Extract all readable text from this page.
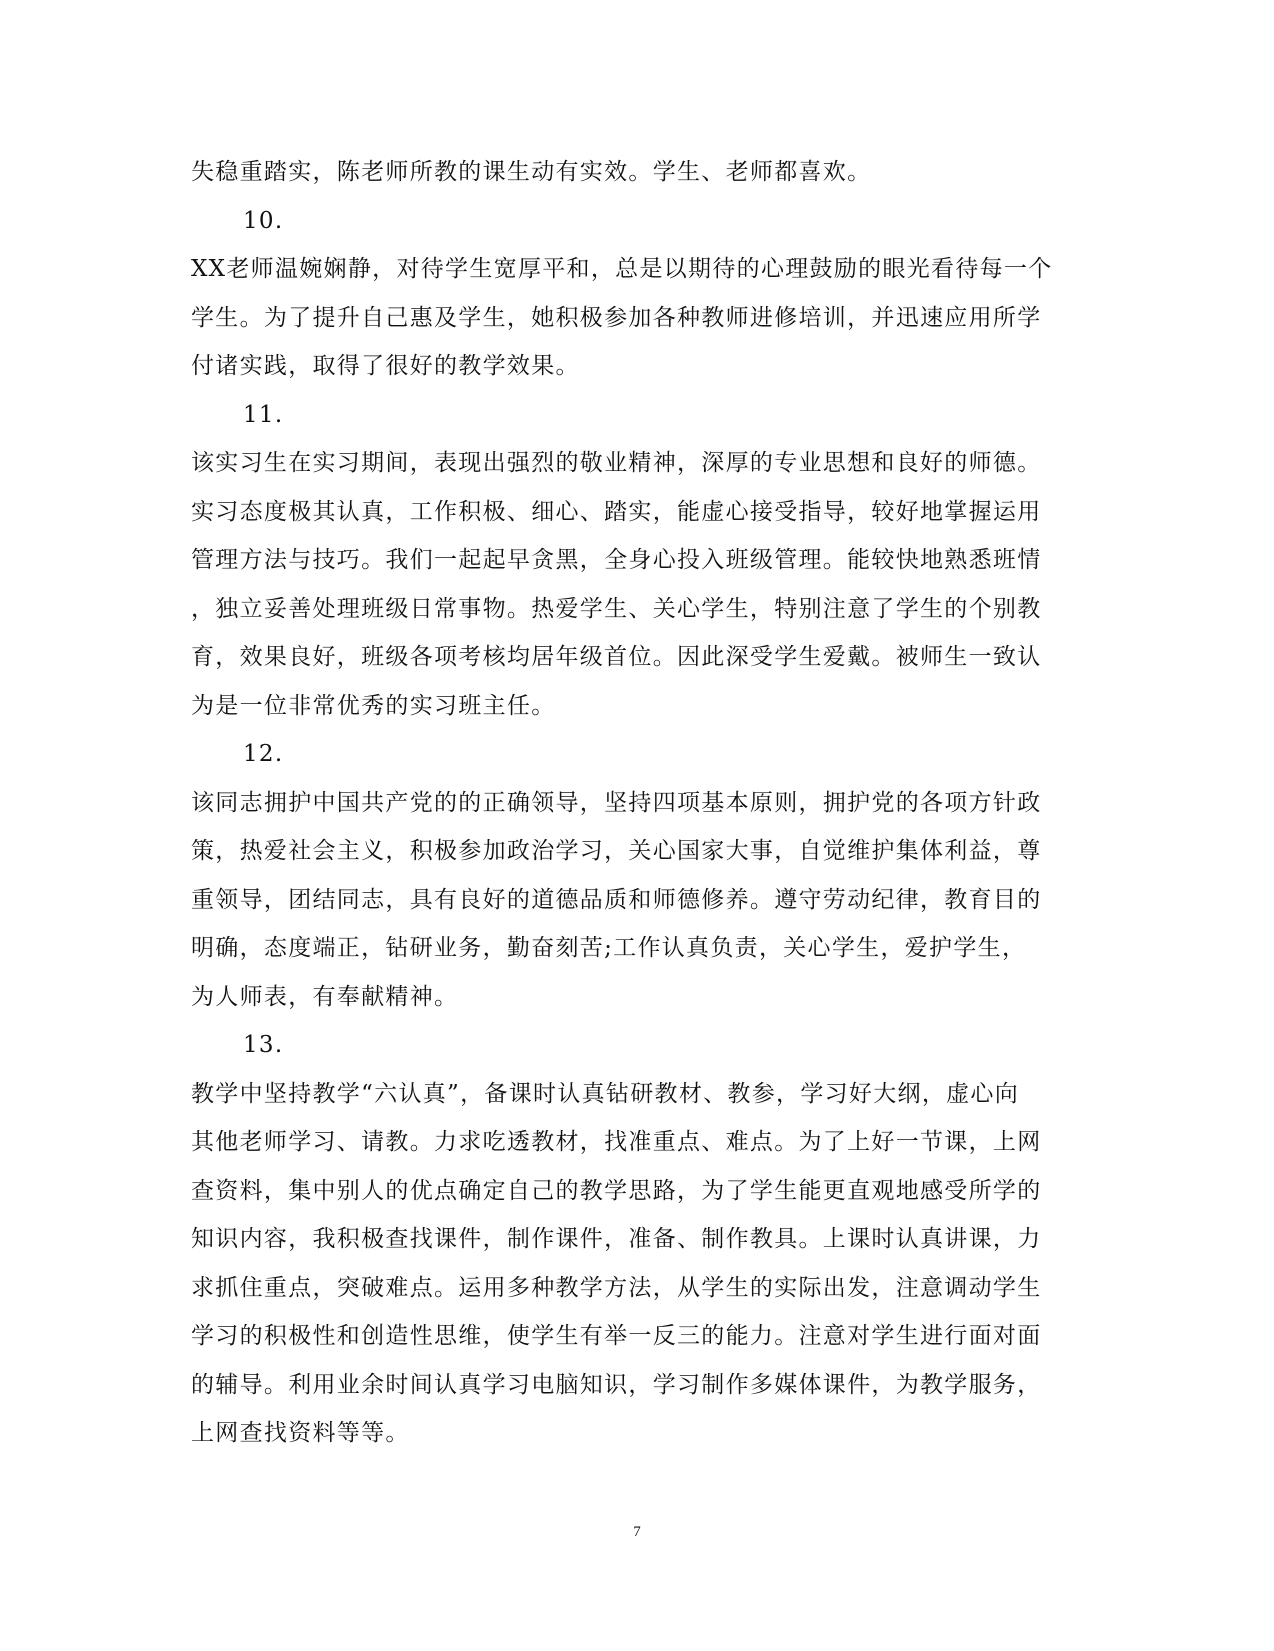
失稳重踏实，陈老师所教的课生动有实效。学生、老师都喜欢。
10.
XX老师温婉娴静，对待学生宽厚平和，总是以期待的心理鼓励的眼光看待每一个
学生。为了提升自己惠及学生，她积极参加各种教师进修培训，并迅速应用所学
付诸实践，取得了很好的教学效果。
11.
该实习生在实习期间，表现出强烈的敬业精神，深厚的专业思想和良好的师德。
实习态度极其认真，工作积极、细心、踏实，能虚心接受指导，较好地掌握运用
管理方法与技巧。我们一起起早贪黑，全身心投入班级管理。能较快地熟悉班情
，独立妥善处理班级日常事物。热爱学生、关心学生，特别注意了学生的个别教
育，效果良好，班级各项考核均居年级首位。因此深受学生爱戴。被师生一致认
为是一位非常优秀的实习班主任。
12.
该同志拥护中国共产党的的正确领导，坚持四项基本原则，拥护党的各项方针政
策，热爱社会主义，积极参加政治学习，关心国家大事，自觉维护集体利益，尊
重领导，团结同志，具有良好的道德品质和师德修养。遵守劳动纪律，教育目的
明确，态度端正，钻研业务，勤奋刻苦;工作认真负责，关心学生，爱护学生，
为人师表，有奉献精神。
13.
教学中坚持教学“六认真”，备课时认真钻研教材、教参，学习好大纲，虚心向
其他老师学习、请教。力求吃透教材，找准重点、难点。为了上好一节课，上网
查资料，集中别人的优点确定自己的教学思路，为了学生能更直观地感受所学的
知识内容，我积极查找课件，制作课件，准备、制作教具。上课时认真讲课，力
求抓住重点，突破难点。运用多种教学方法，从学生的实际出发，注意调动学生
学习的积极性和创造性思维，使学生有举一反三的能力。注意对学生进行面对面
的辅导。利用业余时间认真学习电脑知识，学习制作多媒体课件，为教学服务，
上网查找资料等等。
7
